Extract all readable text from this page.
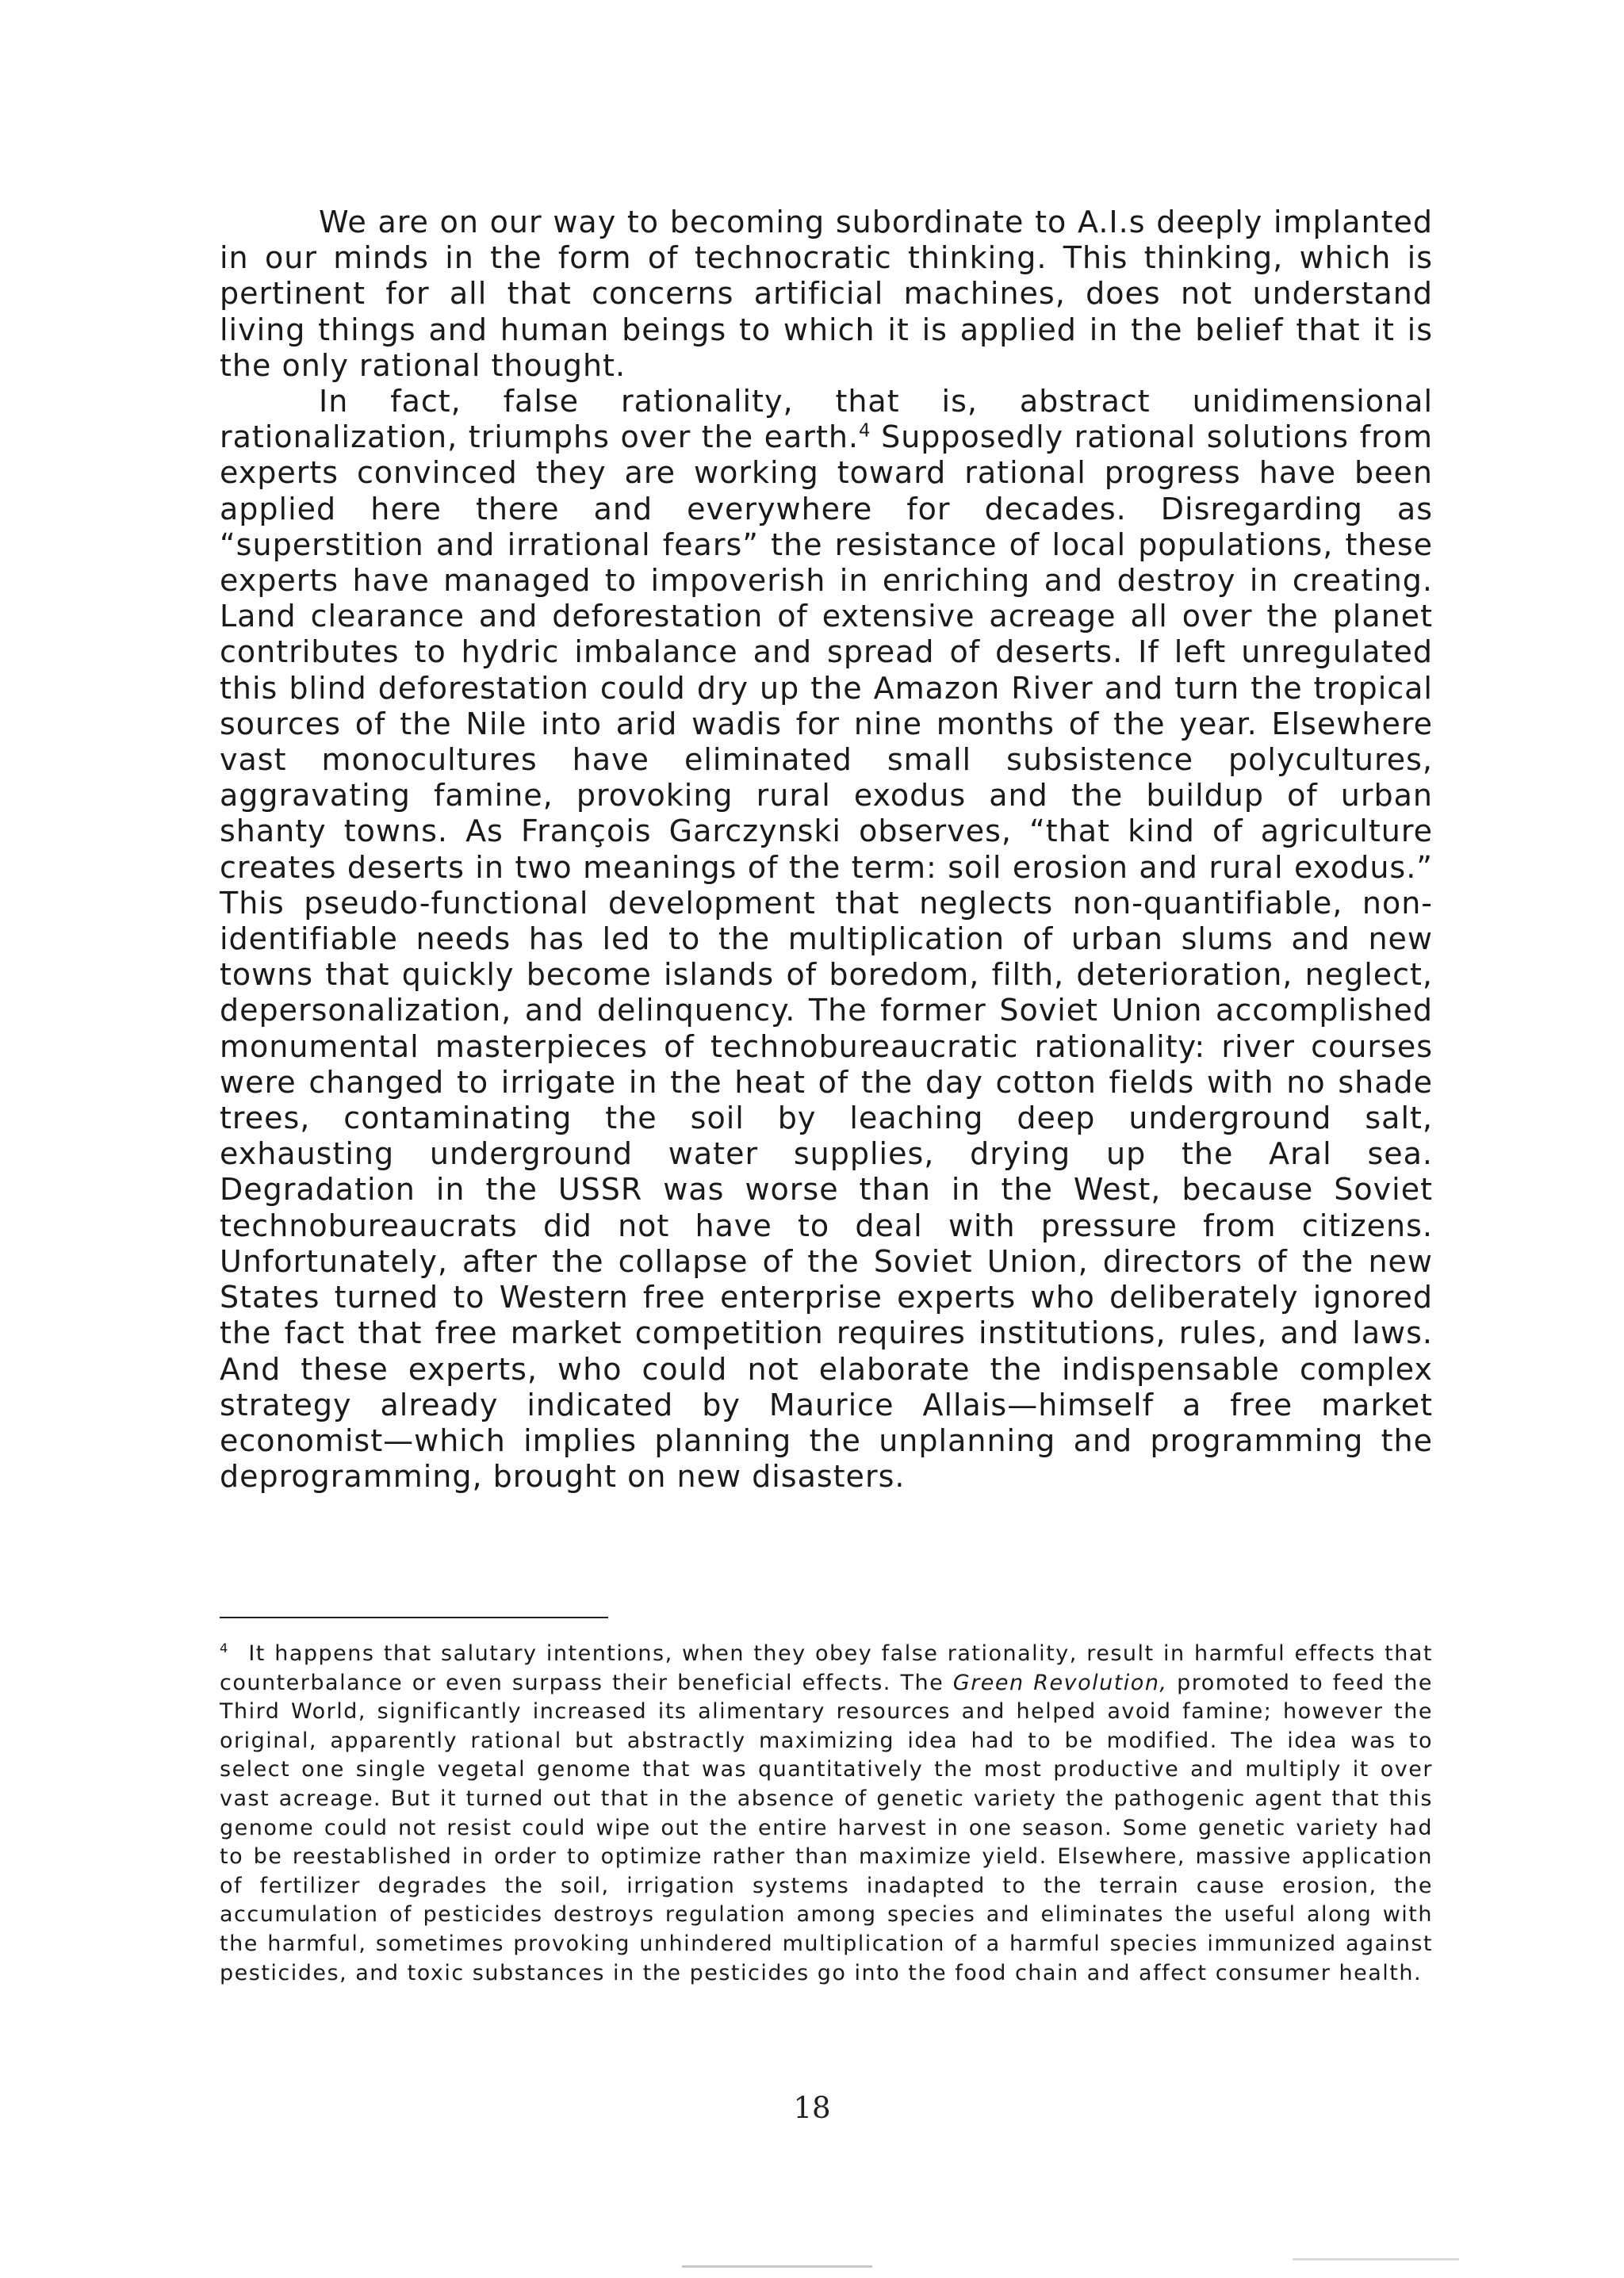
We are on our way to becoming subordinate to A.I.s deeply implanted in our minds in the form of technocratic thinking. This thinking, which is pertinent for all that concerns artificial machines, does not understand living things and human beings to which it is applied in the belief that it is the only rational thought.

In fact, false rationality, that is, abstract unidimensional rationalization, triumphs over the earth.$^4$ Supposedly rational solutions from experts convinced they are working toward rational progress have been applied here there and everywhere for decades. Disregarding as “superstition and irrational fears” the resistance of local populations, these experts have managed to impoverish in enriching and destroy in creating. Land clearance and deforestation of extensive acreage all over the planet contributes to hydric imbalance and spread of deserts. If left unregulated this blind deforestation could dry up the Amazon River and turn the tropical sources of the Nile into arid wadis for nine months of the year. Elsewhere vast monocultures have eliminated small subsistence polycultures, aggravating famine, provoking rural exodus and the buildup of urban shanty towns. As François Garczynski observes, “that kind of agriculture creates deserts in two meanings of the term: soil erosion and rural exodus.” This pseudo-functional development that neglects non-quantifiable, non-identifiable needs has led to the multiplication of urban slums and new towns that quickly become islands of boredom, filth, deterioration, neglect, depersonalization, and delinquency. The former Soviet Union accomplished monumental masterpieces of technobureaucratic rationality: river courses were changed to irrigate in the heat of the day cotton fields with no shade trees, contaminating the soil by leaching deep underground salt, exhausting underground water supplies, drying up the Aral sea. Degradation in the USSR was worse than in the West, because Soviet technobureaucrats did not have to deal with pressure from citizens. Unfortunately, after the collapse of the Soviet Union, directors of the new States turned to Western free enterprise experts who deliberately ignored the fact that free market competition requires institutions, rules, and laws. And these experts, who could not elaborate the indispensable complex strategy already indicated by Maurice Allais—himself a free market economist—which implies planning the unplanning and programming the deprogramming, brought on new disasters.

$^4$ It happens that salutary intentions, when they obey false rationality, result in harmful effects that counterbalance or even surpass their beneficial effects. The Green Revolution, promoted to feed the Third World, significantly increased its alimentary resources and helped avoid famine; however the original, apparently rational but abstractly maximizing idea had to be modified. The idea was to select one single vegetal genome that was quantitatively the most productive and multiply it over vast acreage. But it turned out that in the absence of genetic variety the pathogenic agent that this genome could not resist could wipe out the entire harvest in one season. Some genetic variety had to be reestablished in order to optimize rather than maximize yield. Elsewhere, massive application of fertilizer degrades the soil, irrigation systems inadapted to the terrain cause erosion, the accumulation of pesticides destroys regulation among species and eliminates the useful along with the harmful, sometimes provoking unhindered multiplication of a harmful species immunized against pesticides, and toxic substances in the pesticides go into the food chain and affect consumer health.
18
